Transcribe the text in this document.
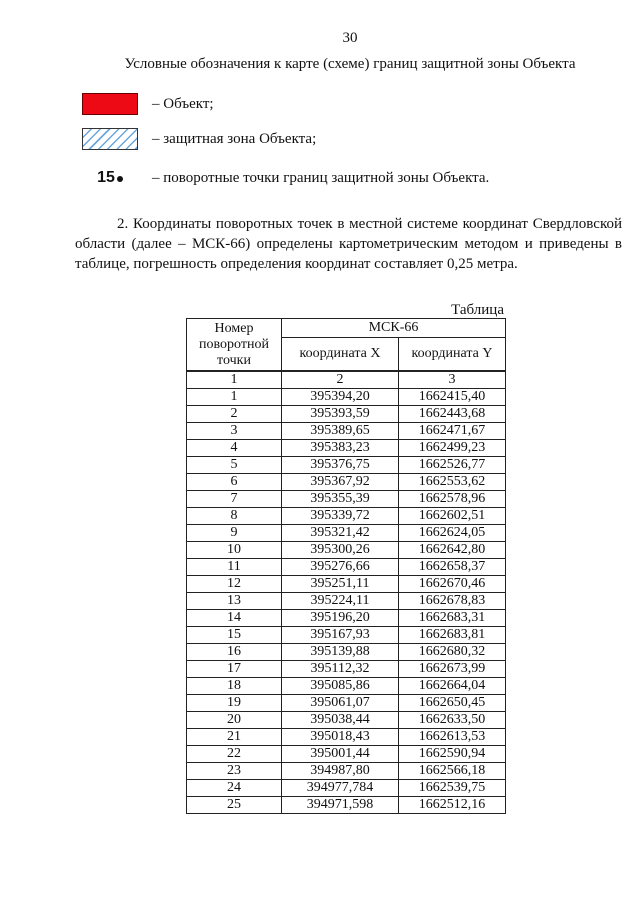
30
Условные обозначения к карте (схеме) границ защитной зоны Объекта
– Объект;
– защитная зона Объекта;
15 – поворотные точки границ защитной зоны Объекта.
2. Координаты поворотных точек в местной системе координат Свердловской области (далее – МСК-66) определены картометрическим методом и приведены в таблице, погрешность определения координат составляет 0,25 метра.
Таблица
Номер поворотной точки	МСК-66	
	координата X	координата Y
1	2	3
1	395394,20	1662415,40
2	395393,59	1662443,68
3	395389,65	1662471,67
4	395383,23	1662499,23
5	395376,75	1662526,77
6	395367,92	1662553,62
7	395355,39	1662578,96
8	395339,72	1662602,51
9	395321,42	1662624,05
10	395300,26	1662642,80
11	395276,66	1662658,37
12	395251,11	1662670,46
13	395224,11	1662678,83
14	395196,20	1662683,31
15	395167,93	1662683,81
16	395139,88	1662680,32
17	395112,32	1662673,99
18	395085,86	1662664,04
19	395061,07	1662650,45
20	395038,44	1662633,50
21	395018,43	1662613,53
22	395001,44	1662590,94
23	394987,80	1662566,18
24	394977,784	1662539,75
25	394971,598	1662512,16
